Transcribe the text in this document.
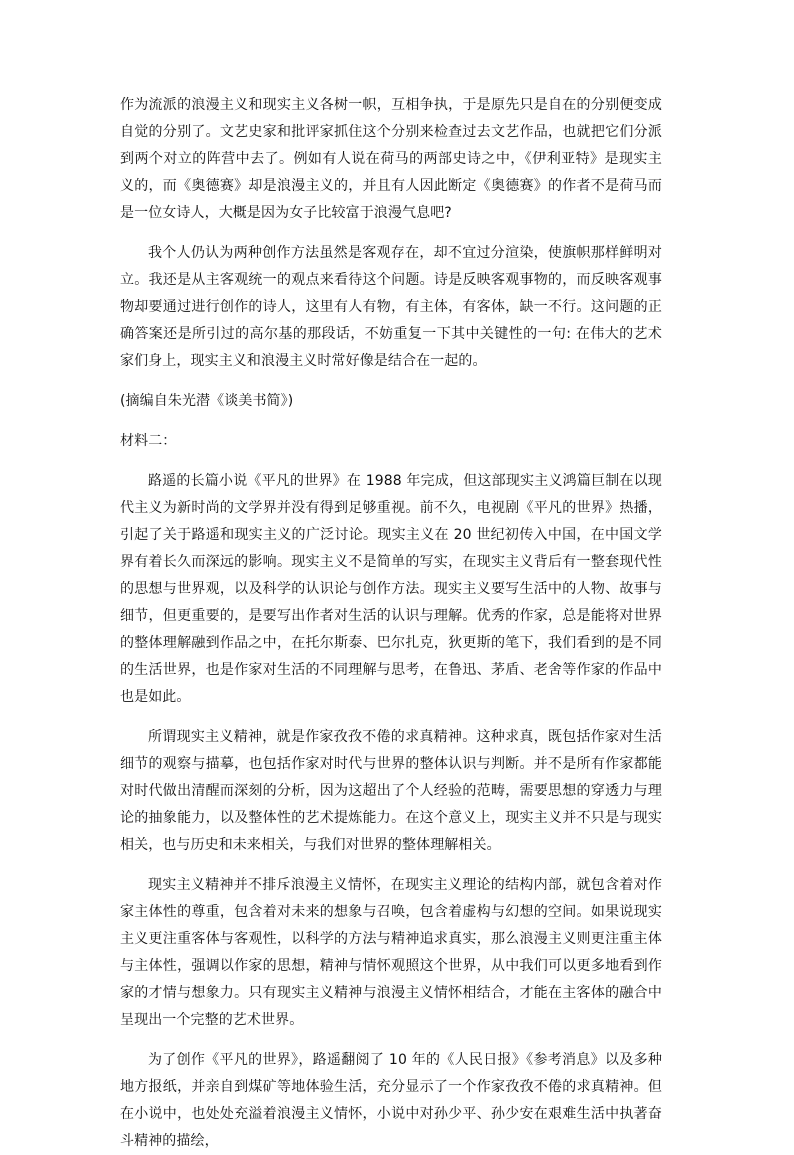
作为流派的浪漫主义和现实主义各树一帜，互相争执，于是原先只是自在的分别便变成自觉的分别了。文艺史家和批评家抓住这个分别来检查过去文艺作品，也就把它们分派到两个对立的阵营中去了。例如有人说在荷马的两部史诗之中，《伊利亚特》是现实主义的，而《奥德赛》却是浪漫主义的，并且有人因此断定《奥德赛》的作者不是荷马而是一位女诗人，大概是因为女子比较富于浪漫气息吧?

我个人仍认为两种创作方法虽然是客观存在，却不宜过分渲染，使旗帜那样鲜明对立。我还是从主客观统一的观点来看待这个问题。诗是反映客观事物的，而反映客观事物却要通过进行创作的诗人，这里有人有物，有主体，有客体，缺一不行。这问题的正确答案还是所引过的高尔基的那段话，不妨重复一下其中关键性的一句: 在伟大的艺术家们身上，现实主义和浪漫主义时常好像是结合在一起的。

(摘编自朱光潜《谈美书简》)

材料二：

路遥的长篇小说《平凡的世界》在 1988 年完成，但这部现实主义鸿篇巨制在以现代主义为新时尚的文学界并没有得到足够重视。前不久，电视剧《平凡的世界》热播，引起了关于路遥和现实主义的广泛讨论。现实主义在 20 世纪初传入中国，在中国文学界有着长久而深远的影响。现实主义不是简单的写实，在现实主义背后有一整套现代性的思想与世界观，以及科学的认识论与创作方法。现实主义要写生活中的人物、故事与细节，但更重要的，是要写出作者对生活的认识与理解。优秀的作家，总是能将对世界的整体理解融到作品之中，在托尔斯泰、巴尔扎克，狄更斯的笔下，我们看到的是不同的生活世界，也是作家对生活的不同理解与思考，在鲁迅、茅盾、老舍等作家的作品中也是如此。

所谓现实主义精神，就是作家孜孜不倦的求真精神。这种求真，既包括作家对生活细节的观察与描摹，也包括作家对时代与世界的整体认识与判断。并不是所有作家都能对时代做出清醒而深刻的分析，因为这超出了个人经验的范畴，需要思想的穿透力与理论的抽象能力，以及整体性的艺术提炼能力。在这个意义上，现实主义并不只是与现实相关，也与历史和未来相关，与我们对世界的整体理解相关。

现实主义精神并不排斥浪漫主义情怀，在现实主义理论的结构内部，就包含着对作家主体性的尊重，包含着对未来的想象与召唤，包含着虚构与幻想的空间。如果说现实主义更注重客体与客观性，以科学的方法与精神追求真实，那么浪漫主义则更注重主体与主体性，强调以作家的思想，精神与情怀观照这个世界，从中我们可以更多地看到作家的才情与想象力。只有现实主义精神与浪漫主义情怀相结合，才能在主客体的融合中呈现出一个完整的艺术世界。

为了创作《平凡的世界》，路遥翻阅了 10 年的《人民日报》《参考消息》以及多种地方报纸，并亲自到煤矿等地体验生活，充分显示了一个作家孜孜不倦的求真精神。但在小说中，也处处充溢着浪漫主义情怀，小说中对孙少平、孙少安在艰难生活中执著奋斗精神的描绘，
